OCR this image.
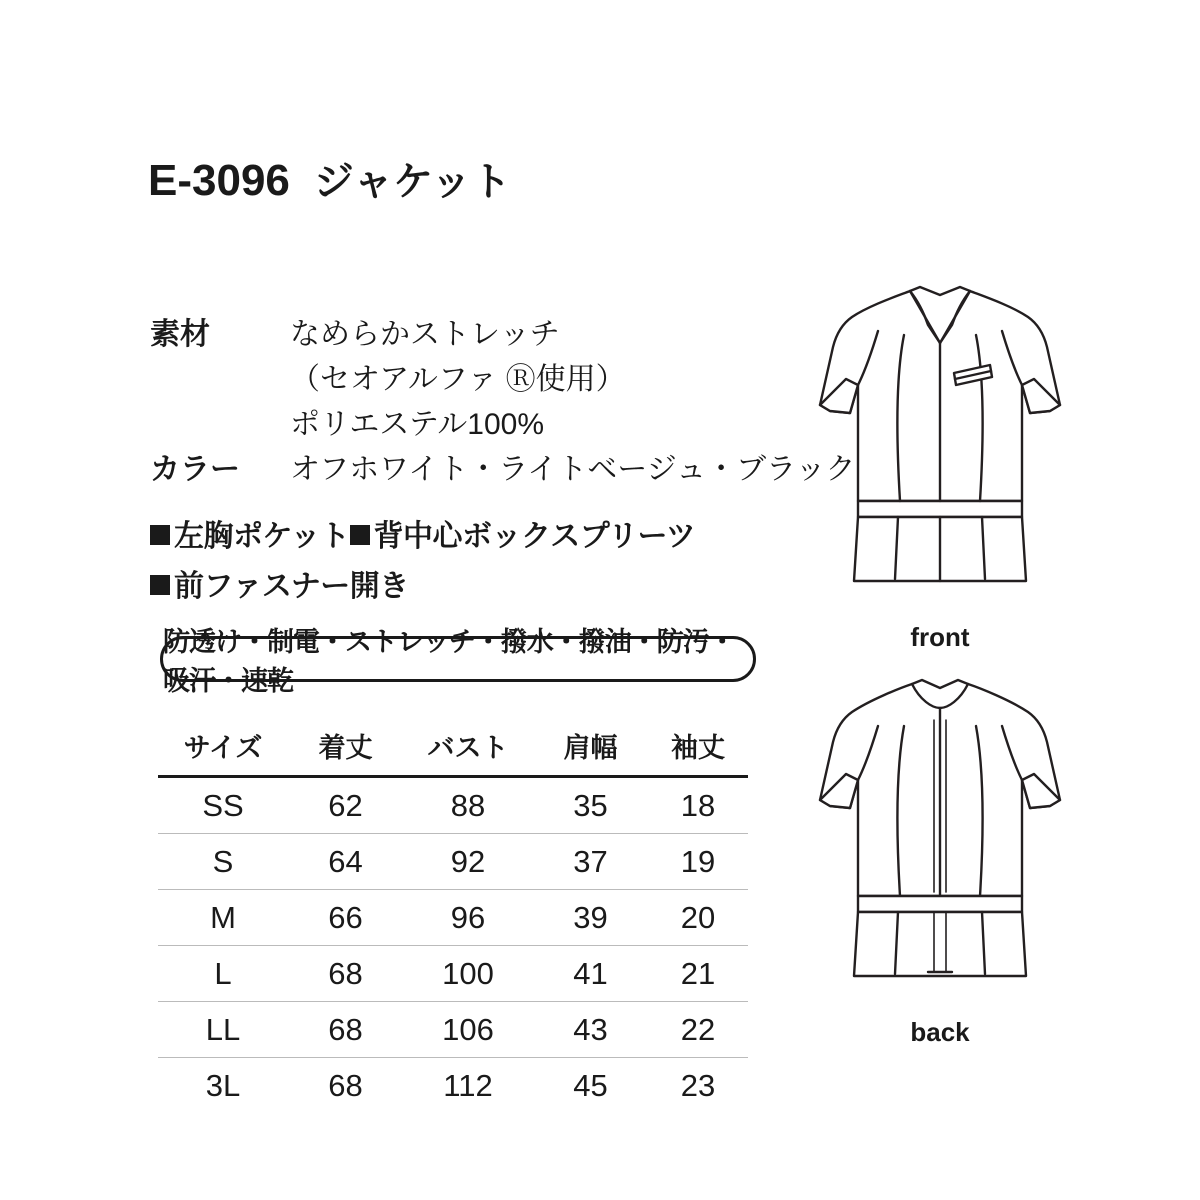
E-3096 ジャケット
素材	なめらかストレッチ
（セオアルファ Ⓡ使用）
ポリエステル100%
カラー	オフホワイト・ライトベージュ・ブラック
左胸ポケット 背中心ボックスプリーツ
前ファスナー開き
防透け・制電・ストレッチ・撥水・撥油・防汚・吸汗・速乾
サイズ	着丈	バスト	肩幅	袖丈
SS	62	88	35	18
S	64	92	37	19
M	66	96	39	20
L	68	100	41	21
LL	68	106	43	22
3L	68	112	45	23
front
back
